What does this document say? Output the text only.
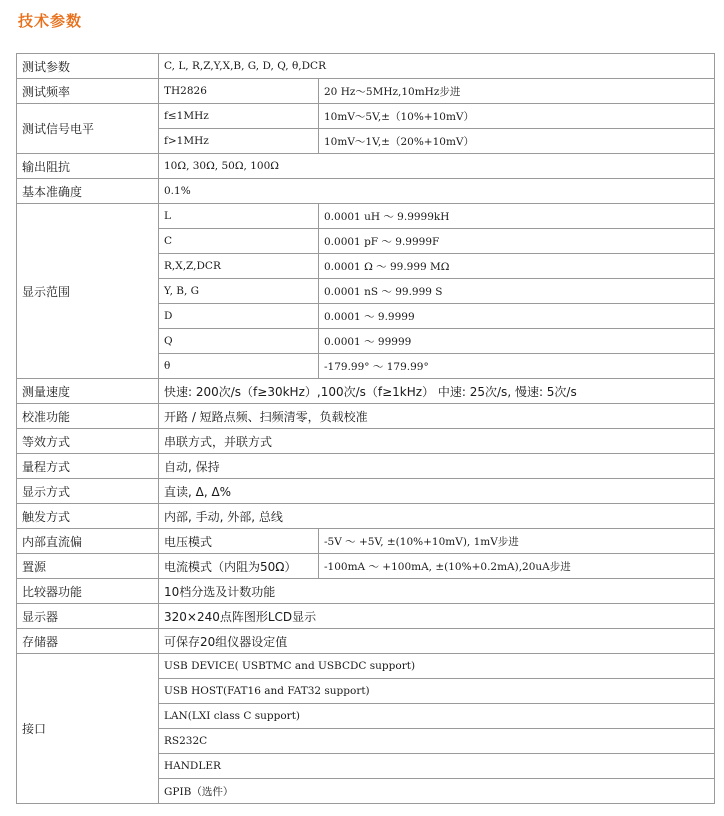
技术参数
测试参数	C, L, R,Z,Y,X,B, G, D, Q, θ,DCR	
测试频率	TH2826	20 Hz～5MHz,10mHz步进
测试信号电平	f≤1MHz	10mV～5V,±（10%+10mV）
	f>1MHz	10mV～1V,±（20%+10mV）
输出阻抗	10Ω, 30Ω, 50Ω, 100Ω	
基本准确度	0.1%	
显示范围	L	0.0001 uH ～ 9.9999kH
	C	0.0001 pF ～ 9.9999F
	R,X,Z,DCR	0.0001 Ω ～ 99.999 MΩ
	Y, B, G	0.0001 nS ～ 99.999 S
	D	0.0001 ～ 9.9999
	Q	0.0001 ～ 99999
	θ	-179.99° ～ 179.99°
测量速度	快速: 200次/s（f≥30kHz）,100次/s（f≥1kHz） 中速: 25次/s, 慢速: 5次/s	
校准功能	开路 / 短路点频、扫频清零，负载校准	
等效方式	串联方式，并联方式	
量程方式	自动, 保持	
显示方式	直读, Δ, Δ%	
触发方式	内部, 手动, 外部, 总线	
内部直流偏	电压模式	-5V ～ +5V, ±(10%+10mV), 1mV步进
置源	电流模式（内阻为50Ω）	-100mA ～ +100mA, ±(10%+0.2mA),20uA步进
比较器功能	10档分选及计数功能	
显示器	320×240点阵图形LCD显示	
存储器	可保存20组仪器设定值	
接口	USB DEVICE( USBTMC and USBCDC support)	
	USB HOST(FAT16 and FAT32 support)	
	LAN(LXI class C support)	
	RS232C	
	HANDLER	
	GPIB（选件）	
